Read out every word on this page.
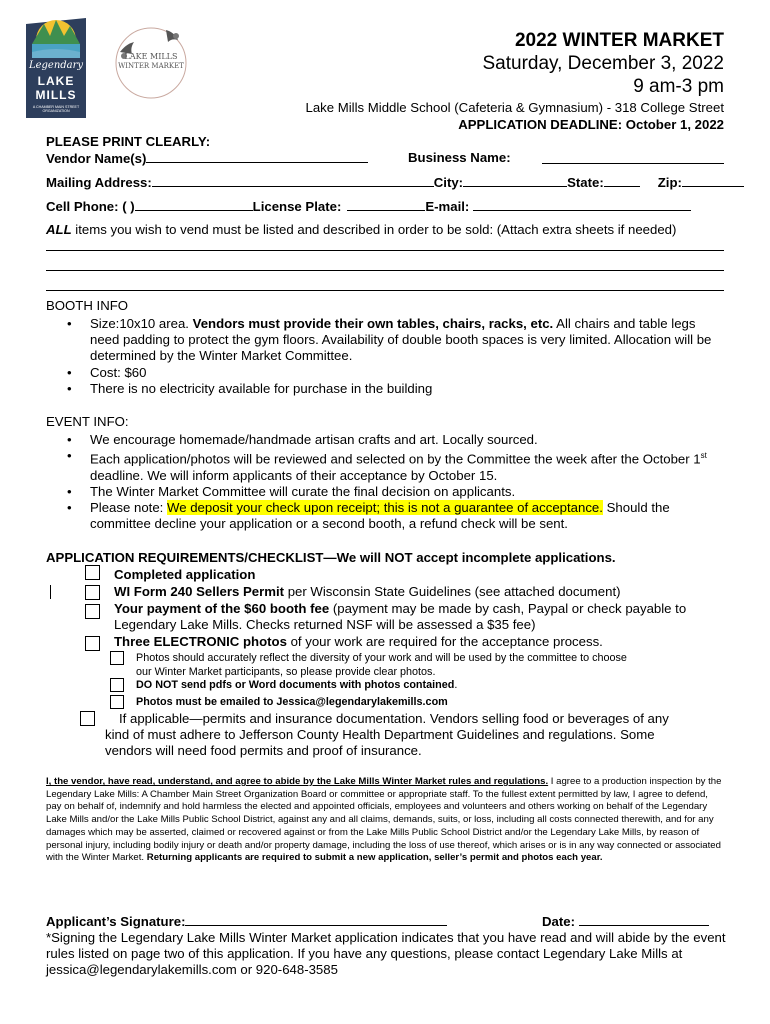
Legendary
LAKE
MILLS
A CHAMBER MAIN STREET ORGANIZATION
LAKE MILLS
WINTER MARKET
2022 WINTER MARKET
Saturday, December 3, 2022
9 am-3 pm
Lake Mills Middle School (Cafeteria & Gymnasium) - 318 College Street
APPLICATION DEADLINE: October 1, 2022
PLEASE PRINT CLEARLY:
Vendor Name(s)	Business Name:
Mailing Address:	City:	State:	Zip:
Cell Phone: ( )	License Plate:	E-mail:
ALL items you wish to vend must be listed and described in order to be sold: (Attach extra sheets if needed)
BOOTH INFO
• Size:10x10 area. Vendors must provide their own tables, chairs, racks, etc. All chairs and table legs need padding to protect the gym floors. Availability of double booth spaces is very limited. Allocation will be determined by the Winter Market Committee.
• Cost: $60
• There is no electricity available for purchase in the building
EVENT INFO:
• We encourage homemade/handmade artisan crafts and art. Locally sourced.
• Each application/photos will be reviewed and selected on by the Committee the week after the October 1st deadline. We will inform applicants of their acceptance by October 15.
• The Winter Market Committee will curate the final decision on applicants.
• Please note: We deposit your check upon receipt; this is not a guarantee of acceptance. Should the committee decline your application or a second booth, a refund check will be sent.
APPLICATION REQUIREMENTS/CHECKLIST—We will NOT accept incomplete applications.
Completed application
WI Form 240 Sellers Permit per Wisconsin State Guidelines (see attached document)
Your payment of the $60 booth fee (payment may be made by cash, Paypal or check payable to
Legendary Lake Mills. Checks returned NSF will be assessed a $35 fee)
Three ELECTRONIC photos of your work are required for the acceptance process.
Photos should accurately reflect the diversity of your work and will be used by the committee to choose
our Winter Market participants, so please provide clear photos.
DO NOT send pdfs or Word documents with photos contained.
Photos must be emailed to Jessica@legendarylakemills.com
If applicable—permits and insurance documentation. Vendors selling food or beverages of any
kind of must adhere to Jefferson County Health Department Guidelines and regulations. Some
vendors will need food permits and proof of insurance.
I, the vendor, have read, understand, and agree to abide by the Lake Mills Winter Market rules and regulations. I agree to a production inspection by the Legendary Lake Mills: A Chamber Main Street Organization Board or committee or appropriate staff. To the fullest extent permitted by law, I agree to defend, pay on behalf of, indemnify and hold harmless the elected and appointed officials, employees and volunteers and others working on behalf of the Legendary Lake Mills and/or the Lake Mills Public School District, against any and all claims, demands, suits, or loss, including all costs connected therewith, and for any damages which may be asserted, claimed or recovered against or from the Lake Mills Public School District and/or the Legendary Lake Mills, by reason of personal injury, including bodily injury or death and/or property damage, including the loss of use thereof, which arises or is in any way connected or associated with the Winter Market. Returning applicants are required to submit a new application, seller’s permit and photos each year.
Applicant’s Signature:	Date:
*Signing the Legendary Lake Mills Winter Market application indicates that you have read and will abide by the event rules listed on page two of this application. If you have any questions, please contact Legendary Lake Mills at jessica@legendarylakemills.com or 920-648-3585
